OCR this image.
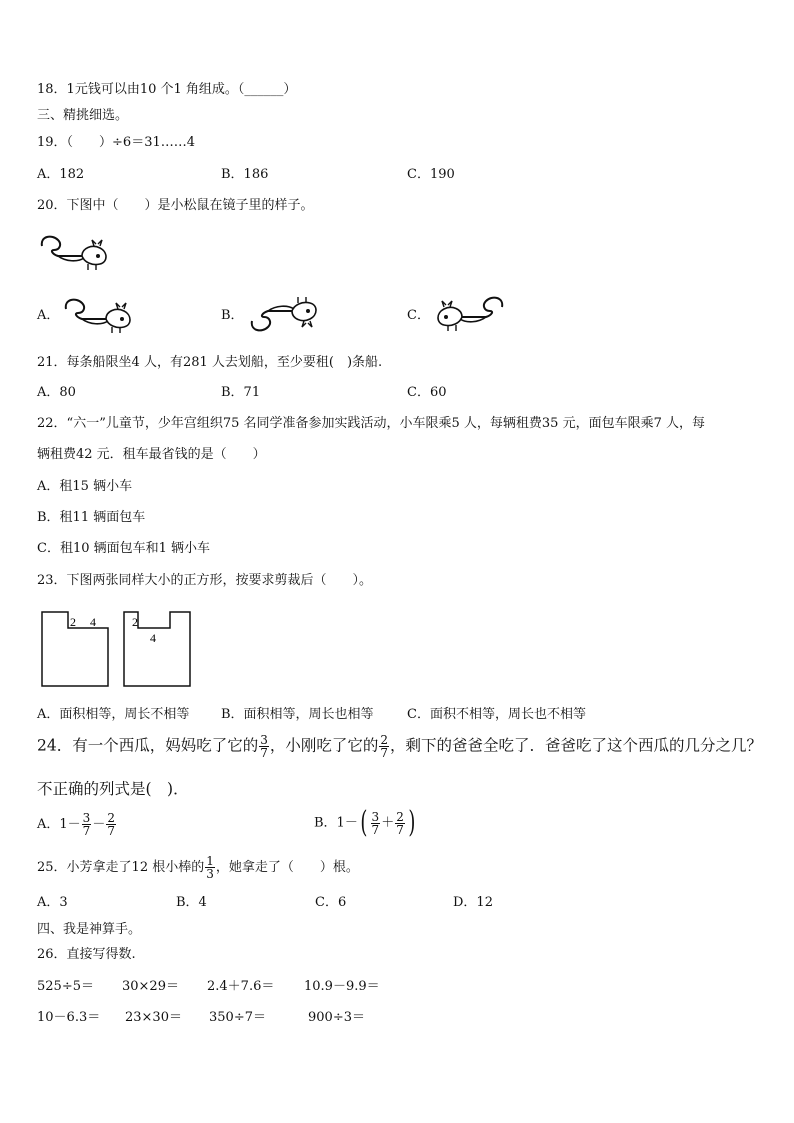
18．1元钱可以由10 个1 角组成。（______）
三、精挑细选。
19．（　　）÷6＝31……4
A．182	B．186	C．190
20．下图中（　　）是小松鼠在镜子里的样子。
A．	B．	C．
21．每条船限坐4 人，有281 人去划船，至少要租(　)条船.
A．80	B．71	C．60
22．“六一”儿童节，少年宫组织75 名同学准备参加实践活动，小车限乘5 人，每辆租费35 元，面包车限乘7 人，每
辆租费42 元．租车最省钱的是（　　）
A．租15 辆小车
B．租11 辆面包车
C．租10 辆面包车和1 辆小车
23．下图两张同样大小的正方形，按要求剪裁后（　　）。
2 4	2
4
A．面积相等，周长不相等 B．面积相等，周长也相等	C．面积不相等，周长也不相等
24．有一个西瓜，妈妈吃了它的 $\frac{3}{7}$ ，小刚吃了它的 $\frac{2}{7}$ ，剩下的爸爸全吃了．爸爸吃了这个西瓜的几分之几？
不正确的列式是(　)．
A．$1- \frac{3}{7} - \frac{2}{7}$	B．$1-( \frac{3}{7} + \frac{2}{7}$ )
25．小芳拿走了12 根小棒的 $\frac{1}{3}$ ，她拿走了（　　）根。
A．3	B．4	C．6	D．12
四、我是神算手。
26．直接写得数.
525÷5＝ 30×29＝ 2.4＋7.6＝ 10.9－9.9＝
10－6.3＝ 23×30＝ 350÷7＝	900÷3＝
